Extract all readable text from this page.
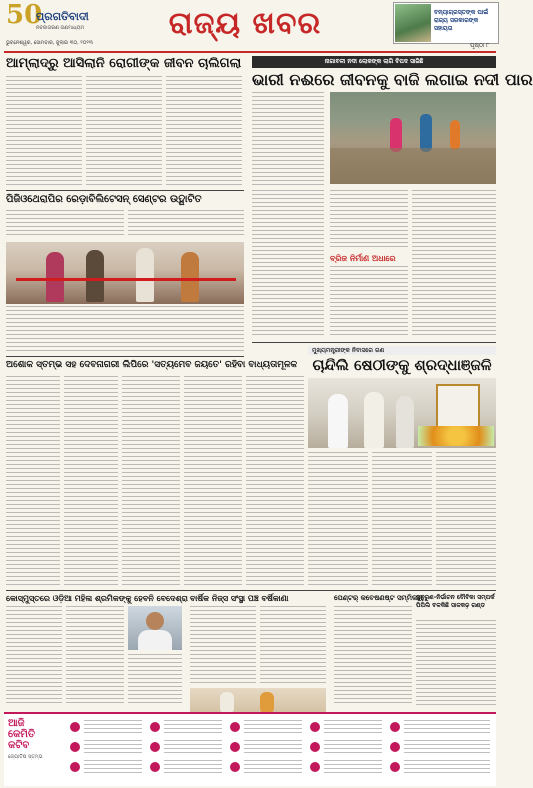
50
ପ୍ରଗତିବାଦୀ
ନବଜାଗରଣ ଗଣମାଧ୍ୟମ
ଭୁବନେଶ୍ୱର, ସୋମବାର, ଜୁଲାଇ ୩୦, ୨୦୨୩
ରାଜ୍ୟ ଖବର	ବନ୍ୟାଗ୍ରସ୍ତଙ୍କ ପାଇଁ ରାଜ୍ୟ ସରକାରଙ୍କ ସହାୟତା
ପୃଷ୍ଠା ୮
ଆମ୍ଲାଦ୍ରୁ ଆସିଲାନି ରୋଗୀଙ୍କ ଜୀବନ ଚାଲିଗଲା
ପିଜିଓଥେରାପିର ରେଡ଼ାବିଲିଟେସନ୍ ସେଣ୍ଟର ଉଦ୍ଘାଟିତ
ନାଗାବଳୀ ନଦୀ ଲୋକଙ୍କ ଲାଗି ବିପଦ ସାଜିଛି
ଭାରୀ ନଈରେ ଜୀବନକୁ ବାଜି ଲଗାଇ ନଦୀ ପାର
ବ୍ରିଜ ନିର୍ମାଣ ଅଧାରେ
ଅଶୋକ ସ୍ତମ୍ଭ ସହ ଦେବନାଗରୀ ଲିପିରେ 'ସତ୍ୟମେବ ଜୟତେ' ରହିବା ବାଧ୍ୟତାମୂଳକ
ମୁଖ୍ୟମନ୍ତ୍ରୀଙ୍କ ନିବାସରେ ଗଣ
ଚାନ୍ଦିଲି ଷେଠୀଙ୍କୁ ଶ୍ରଦ୍ଧାଞ୍ଜଳି
କୋସ୍ମୁସ୍ତରେ ଓଡ଼ିଆ ମହିଳା ଶ୍ରମିକଙ୍କୁ ହେବନି ବେଦେଶ୍ରା ବାର୍ଷିକ ନିଜ୍‌ସ ସଂସ୍ଥା ପଞ୍ଚ ବର୍ଷିକାଣା	ପେଣ୍ଟର୍ କବେଷଣଷ୍ଟ ସମ୍ମିଳାନ
ପୁନୁରୁଣ-ନିର୍ଭାଚନ ବୌବିକା ସମ୍ପର୍କ ପିପିଲି ବଳକିଛି ସାଳକଢ଼ ଗଣ୍ଡ
ଆଜି
କେମିତି
କଟିବ
ଜ୍ୟୋତିଷ ସ୍ତମ୍ଭ
